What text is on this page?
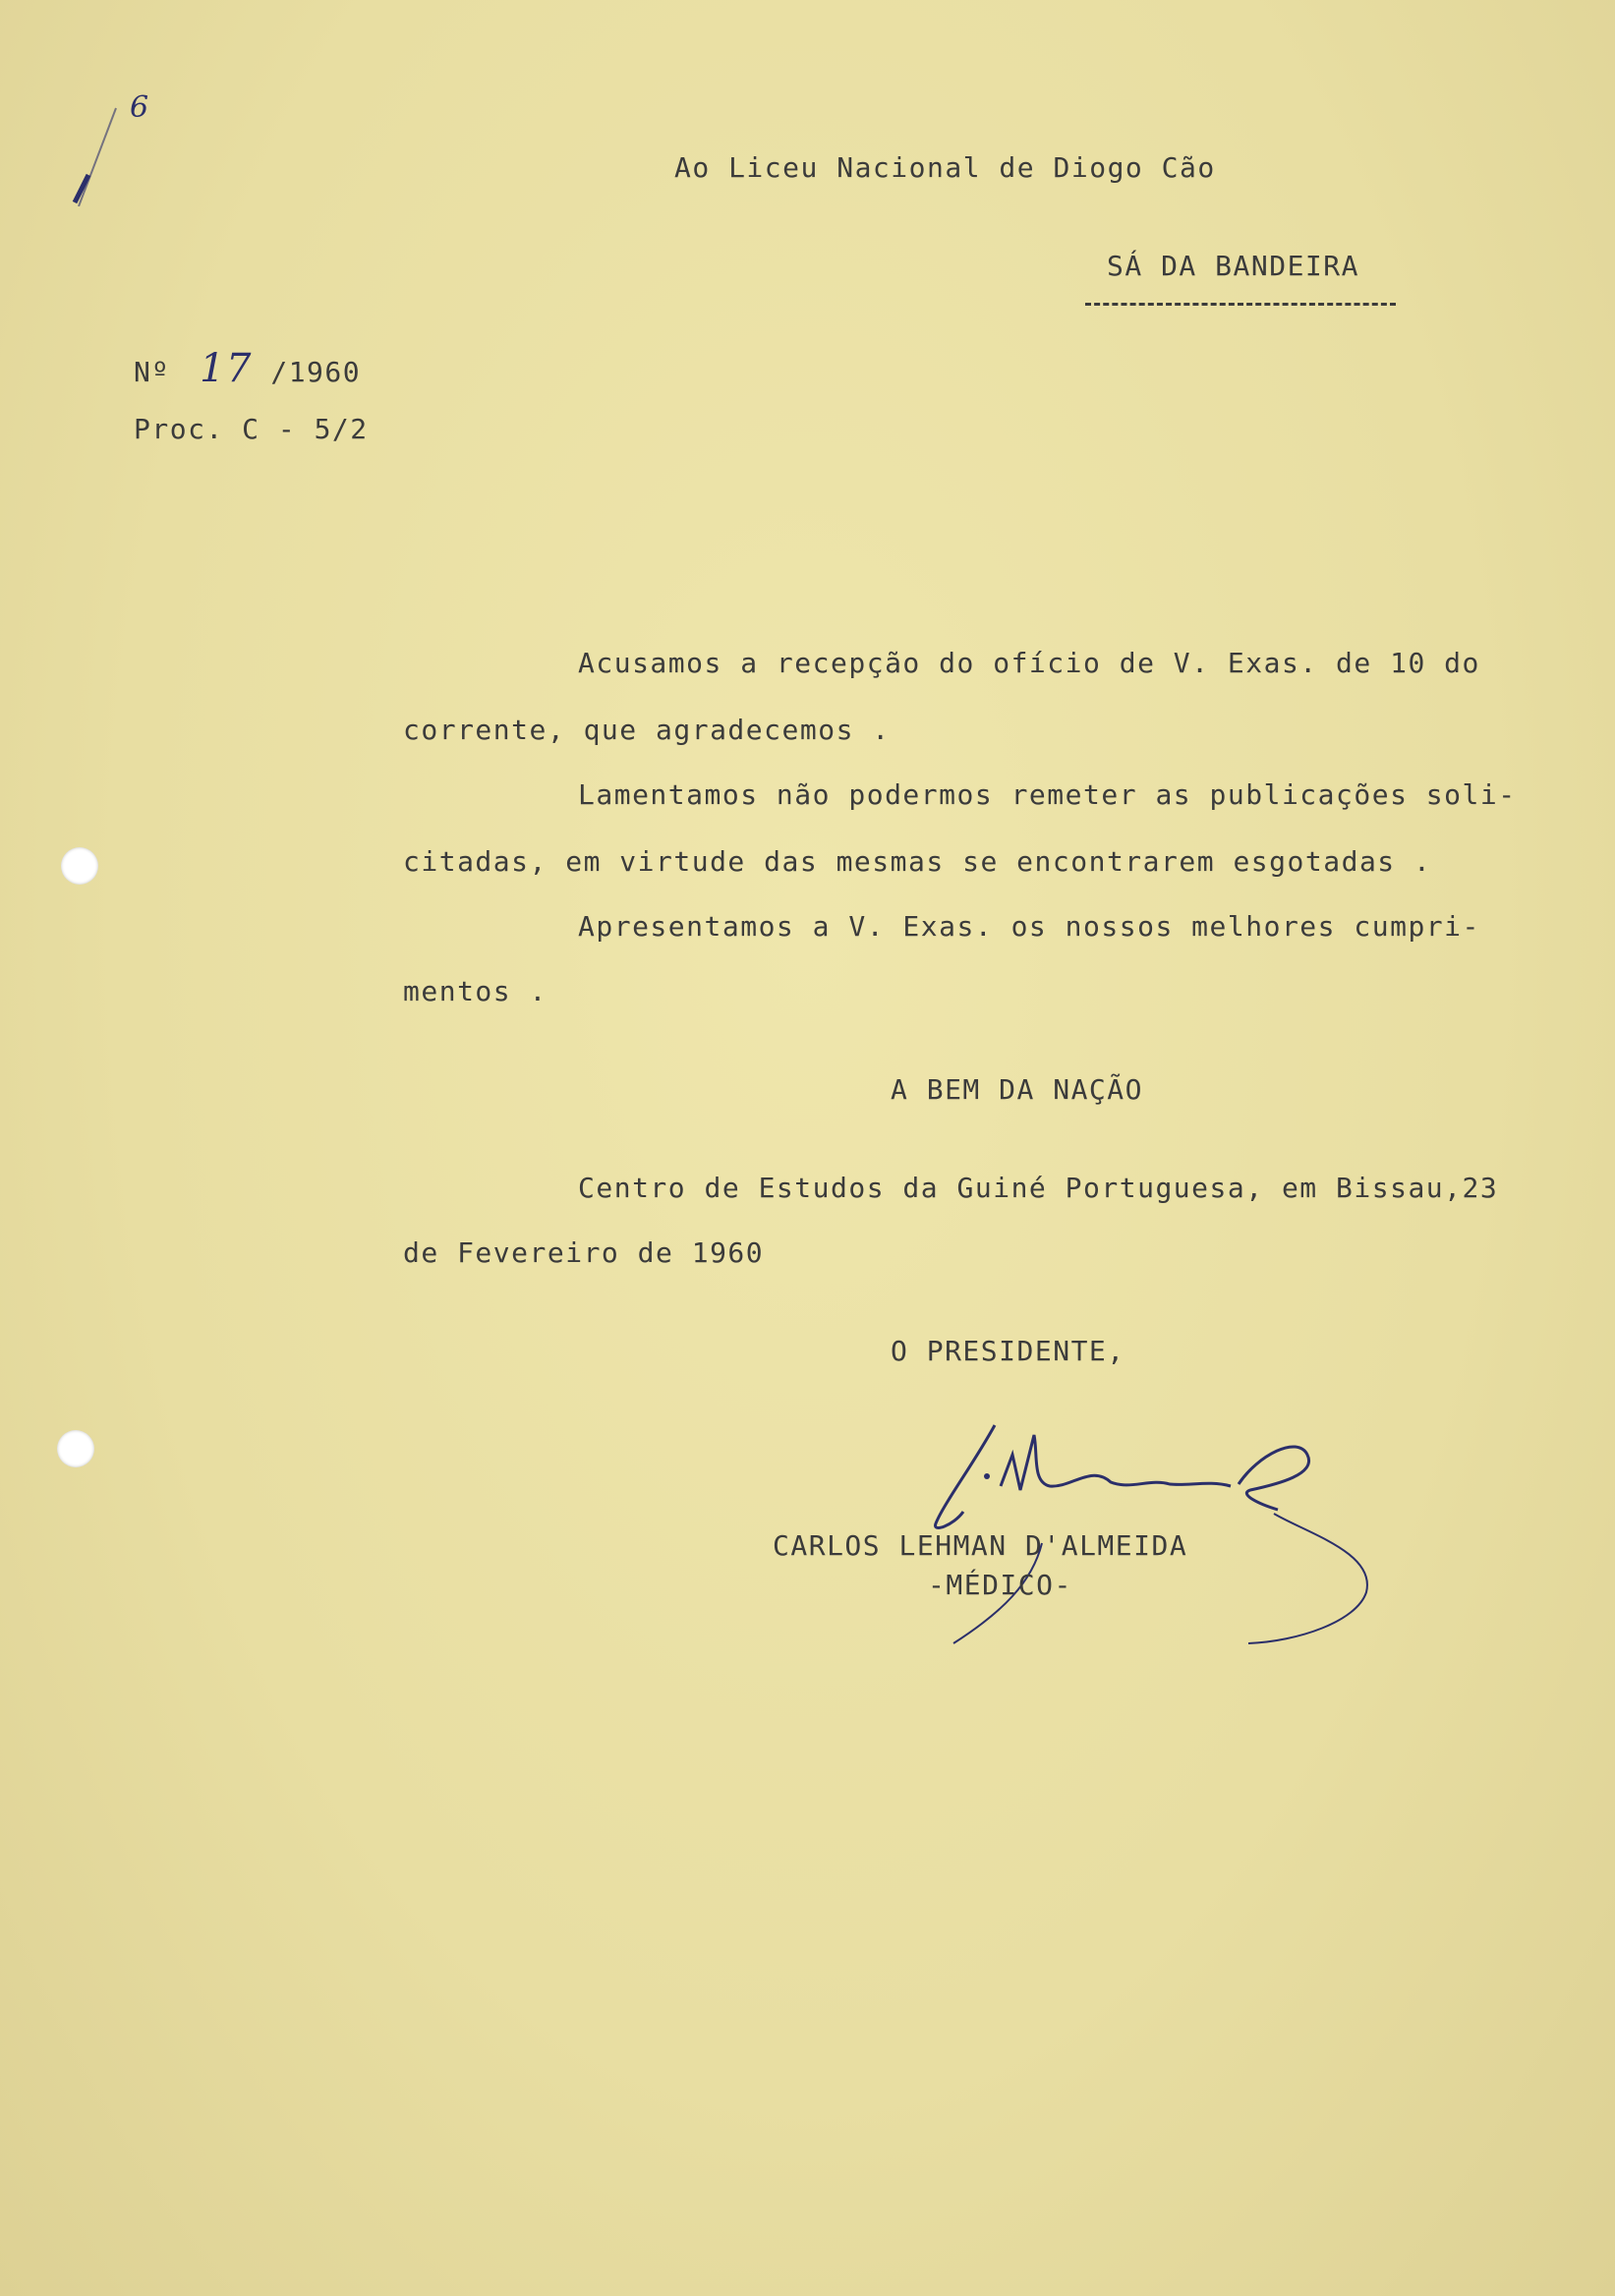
6

Ao Liceu Nacional de Diogo Cão

SÁ DA BANDEIRA

Nº 17 /1960

Proc. C - 5/2

Acusamos a recepção do ofício de V. Exas. de 10 do

corrente, que agradecemos .

Lamentamos não podermos remeter as publicações soli-

citadas, em virtude das mesmas se encontrarem esgotadas .

Apresentamos a V. Exas. os nossos melhores cumpri-

mentos .

A BEM DA NAÇÃO

Centro de Estudos da Guiné Portuguesa, em Bissau,23

de Fevereiro de 1960

O PRESIDENTE,

CARLOS LEHMAN D'ALMEIDA

-MÉDICO-
